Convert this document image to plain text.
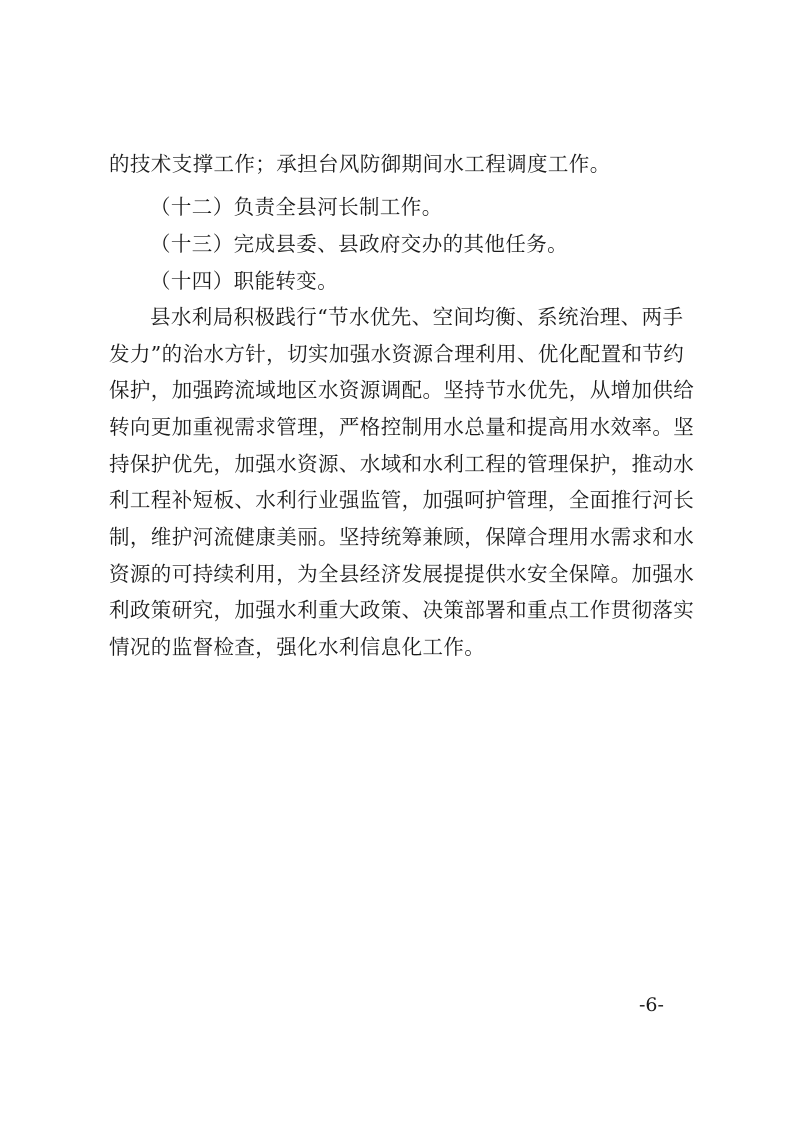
的技术支撑工作；承担台风防御期间水工程调度工作。
（十二）负责全县河长制工作。
（十三）完成县委、县政府交办的其他任务。
（十四）职能转变。
县水利局积极践行“节水优先、空间均衡、系统治理、两手
发力”的治水方针，切实加强水资源合理利用、优化配置和节约
保护，加强跨流域地区水资源调配。坚持节水优先，从增加供给
转向更加重视需求管理，严格控制用水总量和提高用水效率。坚
持保护优先，加强水资源、水域和水利工程的管理保护，推动水
利工程补短板、水利行业强监管，加强呵护管理，全面推行河长
制，维护河流健康美丽。坚持统筹兼顾，保障合理用水需求和水
资源的可持续利用，为全县经济发展提提供水安全保障。加强水
利政策研究，加强水利重大政策、决策部署和重点工作贯彻落实
情况的监督检查，强化水利信息化工作。
-6-
